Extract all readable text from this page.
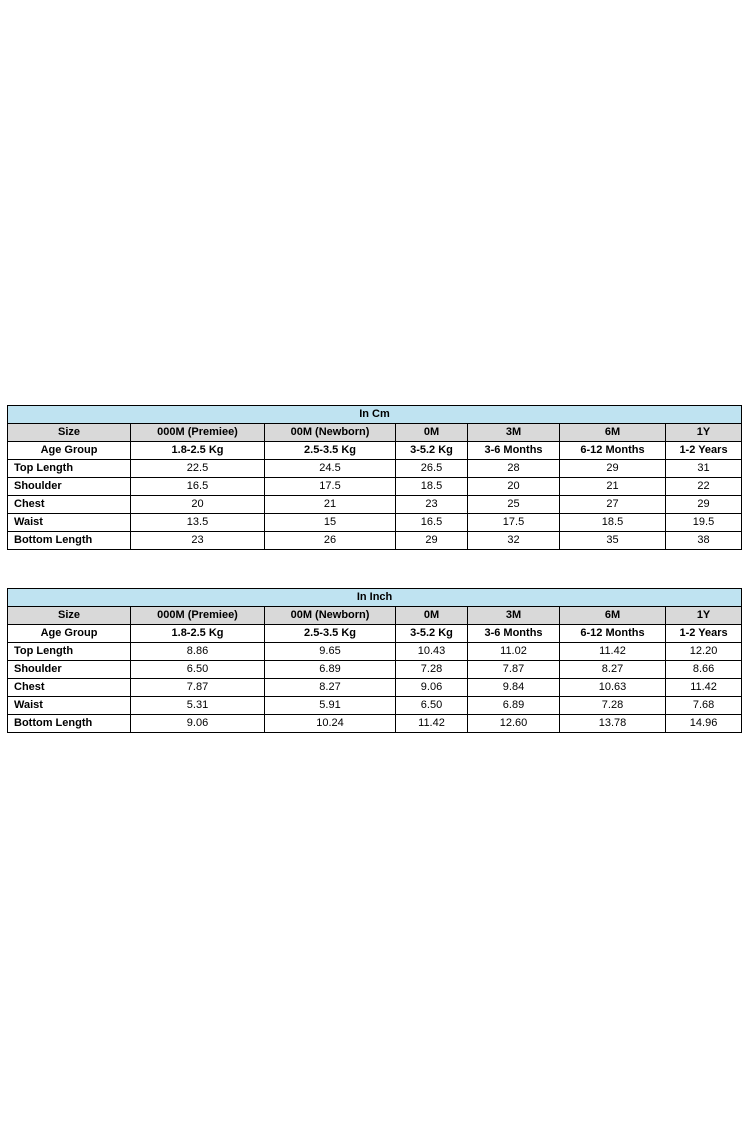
In Cm						
Size	000M (Premiee)	00M (Newborn)	0M	3M	6M	1Y
Age Group	1.8-2.5 Kg	2.5-3.5 Kg	3-5.2 Kg	3-6 Months	6-12 Months	1-2 Years
Top Length	22.5	24.5	26.5	28	29	31
Shoulder	16.5	17.5	18.5	20	21	22
Chest	20	21	23	25	27	29
Waist	13.5	15	16.5	17.5	18.5	19.5
Bottom Length	23	26	29	32	35	38
In Inch						
Size	000M (Premiee)	00M (Newborn)	0M	3M	6M	1Y
Age Group	1.8-2.5 Kg	2.5-3.5 Kg	3-5.2 Kg	3-6 Months	6-12 Months	1-2 Years
Top Length	8.86	9.65	10.43	11.02	11.42	12.20
Shoulder	6.50	6.89	7.28	7.87	8.27	8.66
Chest	7.87	8.27	9.06	9.84	10.63	11.42
Waist	5.31	5.91	6.50	6.89	7.28	7.68
Bottom Length	9.06	10.24	11.42	12.60	13.78	14.96
